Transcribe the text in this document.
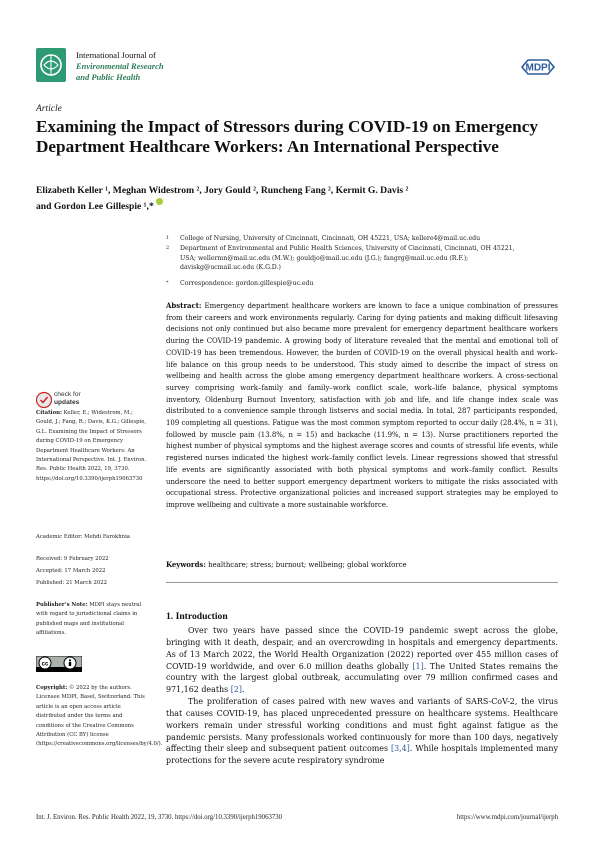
International Journal of
Environmental Research
and Public Health
MDPI
Article
Examining the Impact of Stressors during COVID-19 on Emergency Department Healthcare Workers: An International Perspective
Elizabeth Keller ¹, Meghan Widestrom ², Jory Gould ², Runcheng Fang ², Kermit G. Davis ²
and Gordon Lee Gillespie ¹,*
1 College of Nursing, University of Cincinnati, Cincinnati, OH 45221, USA; kellere4@mail.uc.edu
2 Department of Environmental and Public Health Sciences, University of Cincinnati, Cincinnati, OH 45221, USA; wellermn@mail.uc.edu (M.W.); gouldjo@mail.uc.edu (J.G.); fangrg@mail.uc.edu (R.F.); daviskg@ucmail.uc.edu (K.G.D.)
* Correspondence: gordon.gillespie@uc.edu
Abstract: Emergency department healthcare workers are known to face a unique combination of pressures from their careers and work environments regularly. Caring for dying patients and making difficult lifesaving decisions not only continued but also became more prevalent for emergency department healthcare workers during the COVID-19 pandemic. A growing body of literature revealed that the mental and emotional toll of COVID-19 has been tremendous. However, the burden of COVID-19 on the overall physical health and work–life balance on this group needs to be understood. This study aimed to describe the impact of stress on wellbeing and health across the globe among emergency department healthcare workers. A cross-sectional survey comprising work–family and family–work conflict scale, work–life balance, physical symptoms inventory, Oldenburg Burnout Inventory, satisfaction with job and life, and life change index scale was distributed to a convenience sample through listservs and social media. In total, 287 participants responded, 109 completing all questions. Fatigue was the most common symptom reported to occur daily (28.4%, n = 31), followed by muscle pain (13.8%, n = 15) and backache (11.9%, n = 13). Nurse practitioners reported the highest number of physical symptoms and the highest average scores and counts of stressful life events, while registered nurses indicated the highest work–family conflict levels. Linear regressions showed that stressful life events are significantly associated with both physical symptoms and work–family conflict. Results underscore the need to better support emergency department workers to mitigate the risks associated with occupational stress. Protective organizational policies and increased support strategies may be employed to improve wellbeing and cultivate a more sustainable workforce.
Keywords: healthcare; stress; burnout; wellbeing; global workforce
check for
updates
Citation: Keller, E.; Widestrom, M.; Gould, J.; Fang, R.; Davis, K.G.; Gillespie, G.L. Examining the Impact of Stressors during COVID-19 on Emergency Department Healthcare Workers: An International Perspective. Int. J. Environ. Res. Public Health 2022, 19, 3730. https://doi.org/10.3390/ijerph19063730
Academic Editor: Mehdi Farokhnia
Received: 9 February 2022
Accepted: 17 March 2022
Published: 21 March 2022
Publisher’s Note: MDPI stays neutral with regard to jurisdictional claims in published maps and institutional affiliations.
cc
Copyright: © 2022 by the authors. Licensee MDPI, Basel, Switzerland. This article is an open access article distributed under the terms and conditions of the Creative Commons Attribution (CC BY) license (https://creativecommons.org/licenses/by/4.0/).
1. Introduction

Over two years have passed since the COVID-19 pandemic swept across the globe, bringing with it death, despair, and an overcrowding in hospitals and emergency departments. As of 13 March 2022, the World Health Organization (2022) reported over 455 million cases of COVID-19 worldwide, and over 6.0 million deaths globally [1]. The United States remains the country with the largest global outbreak, accumulating over 79 million confirmed cases and 971,162 deaths [2].

The proliferation of cases paired with new waves and variants of SARS-CoV-2, the virus that causes COVID-19, has placed unprecedented pressure on healthcare systems. Healthcare workers remain under stressful working conditions and must fight against fatigue as the pandemic persists. Many professionals worked continuously for more than 100 days, negatively affecting their sleep and subsequent patient outcomes [3,4]. While hospitals implemented many protections for the severe acute respiratory syndrome

Int. J. Environ. Res. Public Health 2022, 19, 3730. https://doi.org/10.3390/ijerph19063730	https://www.mdpi.com/journal/ijerph
